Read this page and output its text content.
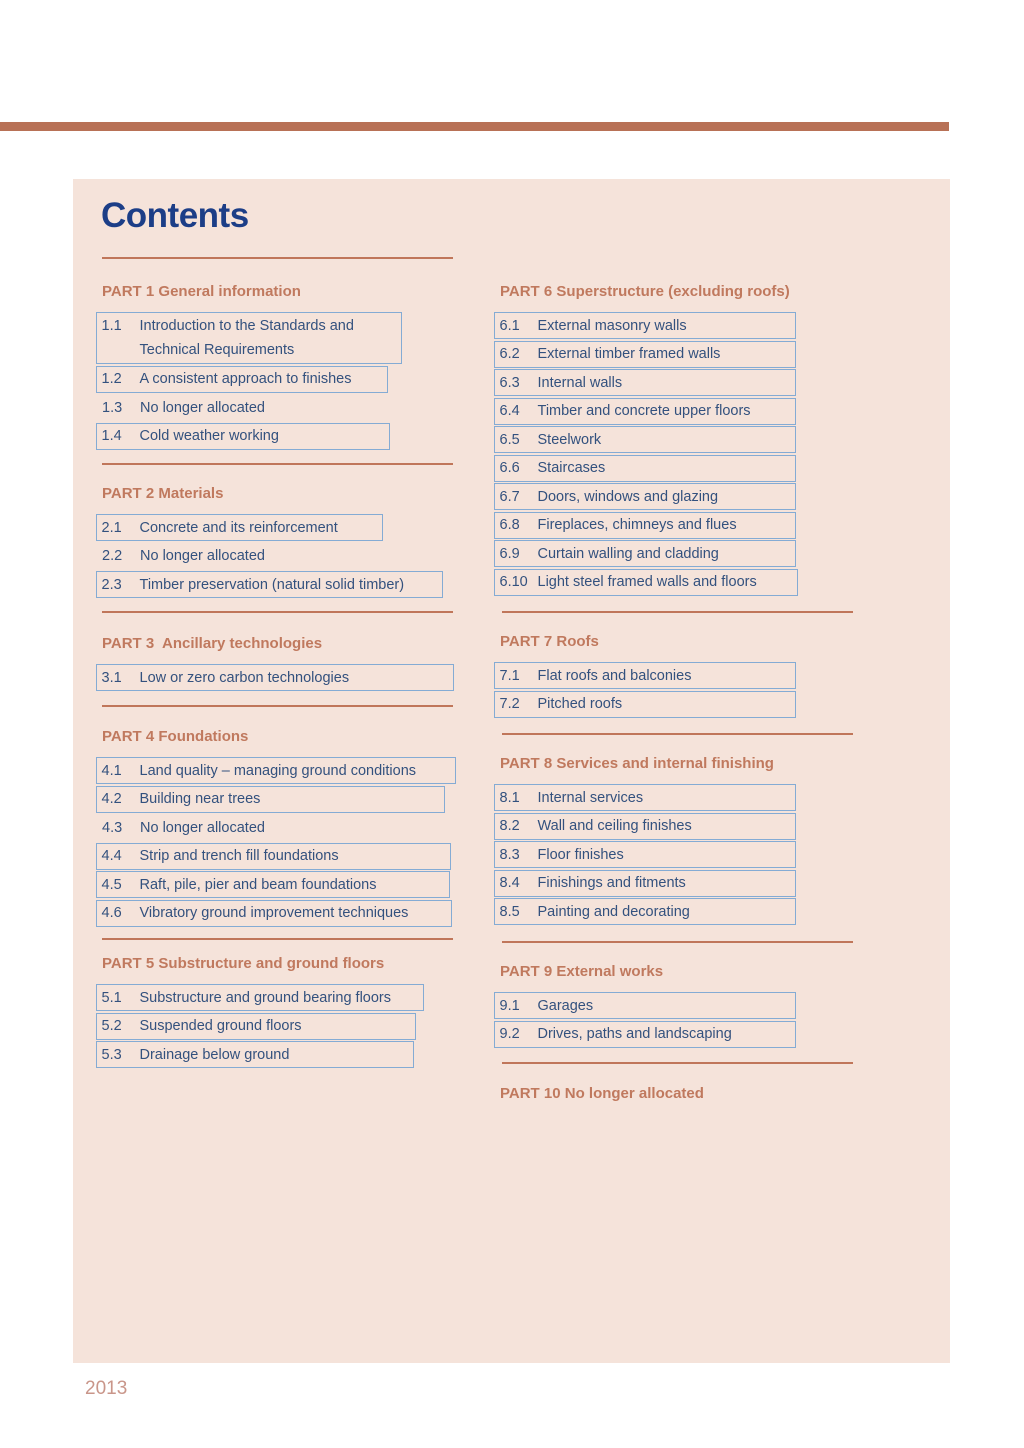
Contents
PART 1 General information
1.1	Introduction to the Standards and Technical Requirements
1.2	A consistent approach to finishes
1.3	No longer allocated
1.4	Cold weather working
PART 2 Materials
2.1	Concrete and its reinforcement
2.2	No longer allocated
2.3	Timber preservation (natural solid timber)
PART 3  Ancillary technologies
3.1	Low or zero carbon technologies
PART 4 Foundations
4.1	Land quality – managing ground conditions
4.2	Building near trees
4.3	No longer allocated
4.4	Strip and trench fill foundations
4.5	Raft, pile, pier and beam foundations
4.6	Vibratory ground improvement techniques
PART 5 Substructure and ground floors
5.1	Substructure and ground bearing floors
5.2	Suspended ground floors
5.3	Drainage below ground
PART 6 Superstructure (excluding roofs)
6.1	External masonry walls
6.2	External timber framed walls
6.3	Internal walls
6.4	Timber and concrete upper floors
6.5	Steelwork
6.6	Staircases
6.7	Doors, windows and glazing
6.8	Fireplaces, chimneys and flues
6.9	Curtain walling and cladding
6.10 Light steel framed walls and floors
PART 7 Roofs
7.1	Flat roofs and balconies
7.2	Pitched roofs
PART 8 Services and internal finishing
8.1	Internal services
8.2	Wall and ceiling finishes
8.3	Floor finishes
8.4	Finishings and fitments
8.5	Painting and decorating
PART 9 External works
9.1	Garages
9.2	Drives, paths and landscaping
PART 10 No longer allocated
2013
